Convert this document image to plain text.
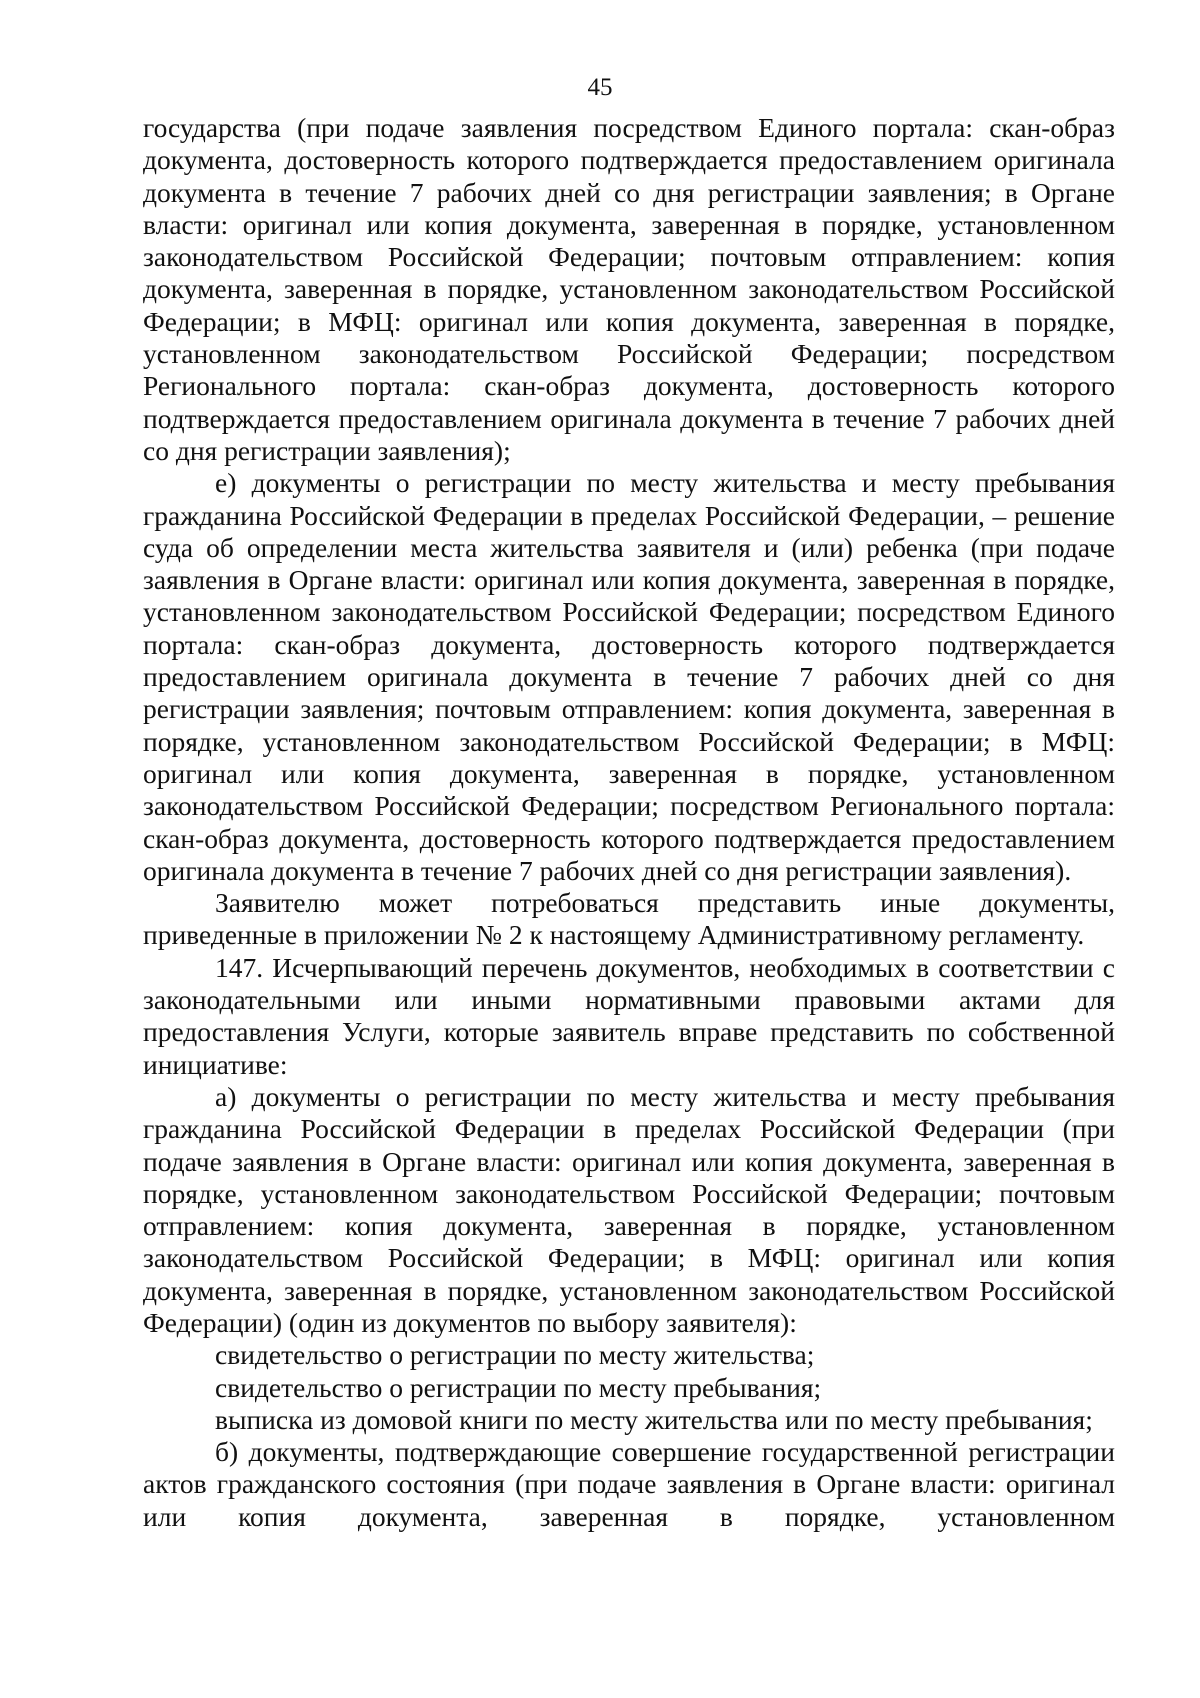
45

государства (при подаче заявления посредством Единого портала: скан-образ документа, достоверность которого подтверждается предоставлением оригинала документа в течение 7 рабочих дней со дня регистрации заявления; в Органе власти: оригинал или копия документа, заверенная в порядке, установленном законодательством Российской Федерации; почтовым отправлением: копия документа, заверенная в порядке, установленном законодательством Российской Федерации; в МФЦ: оригинал или копия документа, заверенная в порядке, установленном законодательством Российской Федерации; посредством Регионального портала: скан-образ документа, достоверность которого подтверждается предоставлением оригинала документа в течение 7 рабочих дней со дня регистрации заявления);

е) документы о регистрации по месту жительства и месту пребывания гражданина Российской Федерации в пределах Российской Федерации, – решение суда об определении места жительства заявителя и (или) ребенка (при подаче заявления в Органе власти: оригинал или копия документа, заверенная в порядке, установленном законодательством Российской Федерации; посредством Единого портала: скан-образ документа, достоверность которого подтверждается предоставлением оригинала документа в течение 7 рабочих дней со дня регистрации заявления; почтовым отправлением: копия документа, заверенная в порядке, установленном законодательством Российской Федерации; в МФЦ: оригинал или копия документа, заверенная в порядке, установленном законодательством Российской Федерации; посредством Регионального портала: скан-образ документа, достоверность которого подтверждается предоставлением оригинала документа в течение 7 рабочих дней со дня регистрации заявления).

Заявителю может потребоваться представить иные документы, приведенные в приложении № 2 к настоящему Административному регламенту.

147. Исчерпывающий перечень документов, необходимых в соответствии с законодательными или иными нормативными правовыми актами для предоставления Услуги, которые заявитель вправе представить по собственной инициативе:

а) документы о регистрации по месту жительства и месту пребывания гражданина Российской Федерации в пределах Российской Федерации (при подаче заявления в Органе власти: оригинал или копия документа, заверенная в порядке, установленном законодательством Российской Федерации; почтовым отправлением: копия документа, заверенная в порядке, установленном законодательством Российской Федерации; в МФЦ: оригинал или копия документа, заверенная в порядке, установленном законодательством Российской Федерации) (один из документов по выбору заявителя):

свидетельство о регистрации по месту жительства;

свидетельство о регистрации по месту пребывания;

выписка из домовой книги по месту жительства или по месту пребывания;

б) документы, подтверждающие совершение государственной регистрации актов гражданского состояния (при подаче заявления в Органе власти: оригинал или копия документа, заверенная в порядке, установленном
